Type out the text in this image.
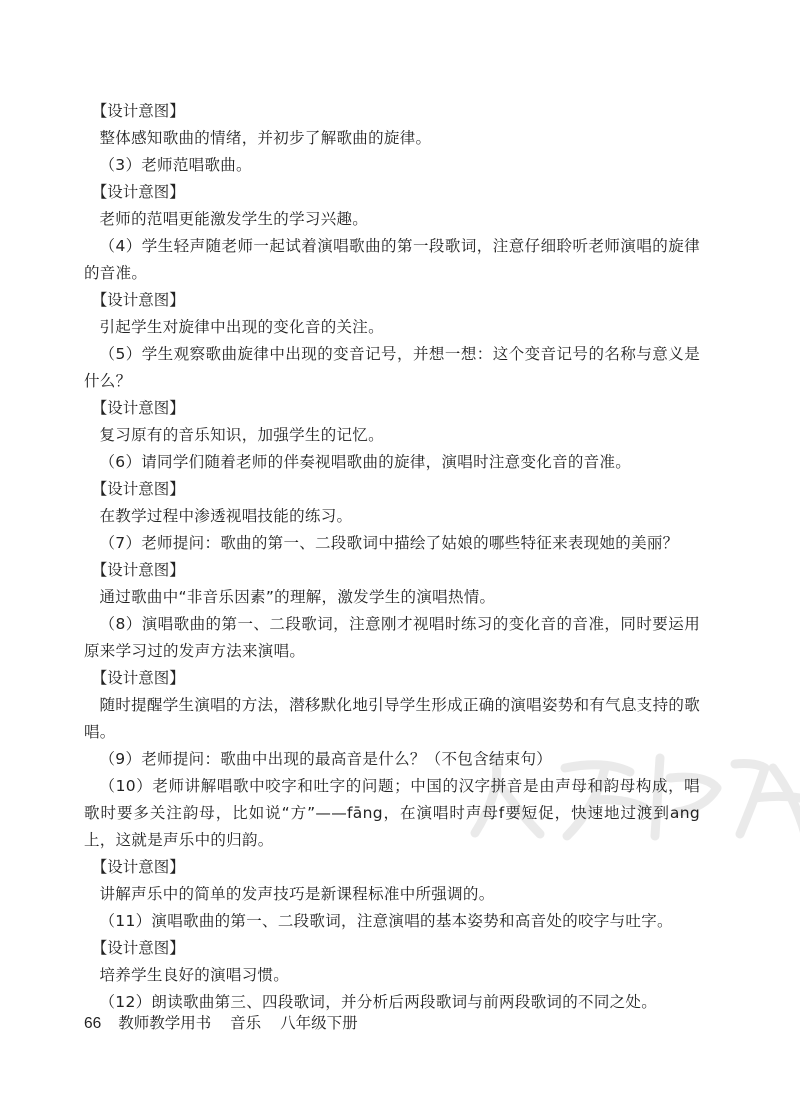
【设计意图】

整体感知歌曲的情绪，并初步了解歌曲的旋律。

（3）老师范唱歌曲。

【设计意图】

老师的范唱更能激发学生的学习兴趣。

（4）学生轻声随老师一起试着演唱歌曲的第一段歌词，注意仔细聆听老师演唱的旋律的音准。

【设计意图】

引起学生对旋律中出现的变化音的关注。

（5）学生观察歌曲旋律中出现的变音记号，并想一想：这个变音记号的名称与意义是什么？

【设计意图】

复习原有的音乐知识，加强学生的记忆。

（6）请同学们随着老师的伴奏视唱歌曲的旋律，演唱时注意变化音的音准。

【设计意图】

在教学过程中渗透视唱技能的练习。

（7）老师提问：歌曲的第一、二段歌词中描绘了姑娘的哪些特征来表现她的美丽？

【设计意图】

通过歌曲中“非音乐因素”的理解，激发学生的演唱热情。

（8）演唱歌曲的第一、二段歌词，注意刚才视唱时练习的变化音的音准，同时要运用原来学习过的发声方法来演唱。

【设计意图】

随时提醒学生演唱的方法，潜移默化地引导学生形成正确的演唱姿势和有气息支持的歌唱。

（9）老师提问：歌曲中出现的最高音是什么？（不包含结束句）

（10）老师讲解唱歌中咬字和吐字的问题；中国的汉字拼音是由声母和韵母构成，唱歌时要多关注韵母，比如说“方”——fāng，在演唱时声母f要短促，快速地过渡到ang上，这就是声乐中的归韵。

【设计意图】

讲解声乐中的简单的发声技巧是新课程标准中所强调的。

（11）演唱歌曲的第一、二段歌词，注意演唱的基本姿势和高音处的咬字与吐字。

【设计意图】

培养学生良好的演唱习惯。

（12）朗读歌曲第三、四段歌词，并分析后两段歌词与前两段歌词的不同之处。

66 教师教学用书 音乐 八年级下册
